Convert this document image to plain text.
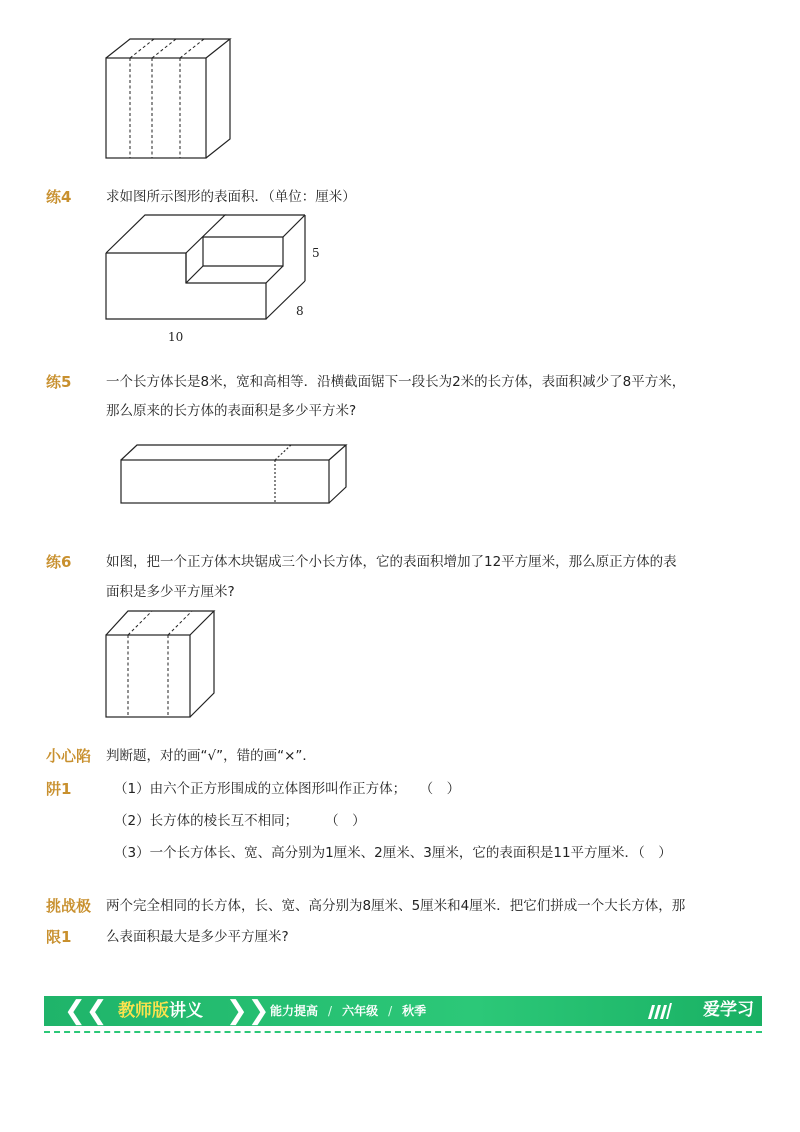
练4	求如图所示图形的表面积．（单位：厘米）
5
8
10
练5	一个长方体长是8米，宽和高相等．沿横截面锯下一段长为2米的长方体，表面积减少了8平方米，
那么原来的长方体的表面积是多少平方米?
练6	如图，把一个正方体木块锯成三个小长方体，它的表面积增加了12平方厘米，那么原正方体的表
面积是多少平方厘米?
小心陷
阱1
判断题，对的画“√”，错的画“×”．
（1）由六个正方形围成的立体图形叫作正方体；　　（　）
（2）长方体的棱长互不相同；　　　（　）
（3）一个长方体长、宽、高分别为1厘米、2厘米、3厘米，它的表面积是11平方厘米．（　）
挑战极
限1
两个完全相同的长方体，长、宽、高分别为8厘米、5厘米和4厘米．把它们拼成一个大长方体，那
么表面积最大是多少平方厘米?
❮❮ 教师版讲义 ❯❯ 能力提高 / 六年级 / 秋季	爱学习
